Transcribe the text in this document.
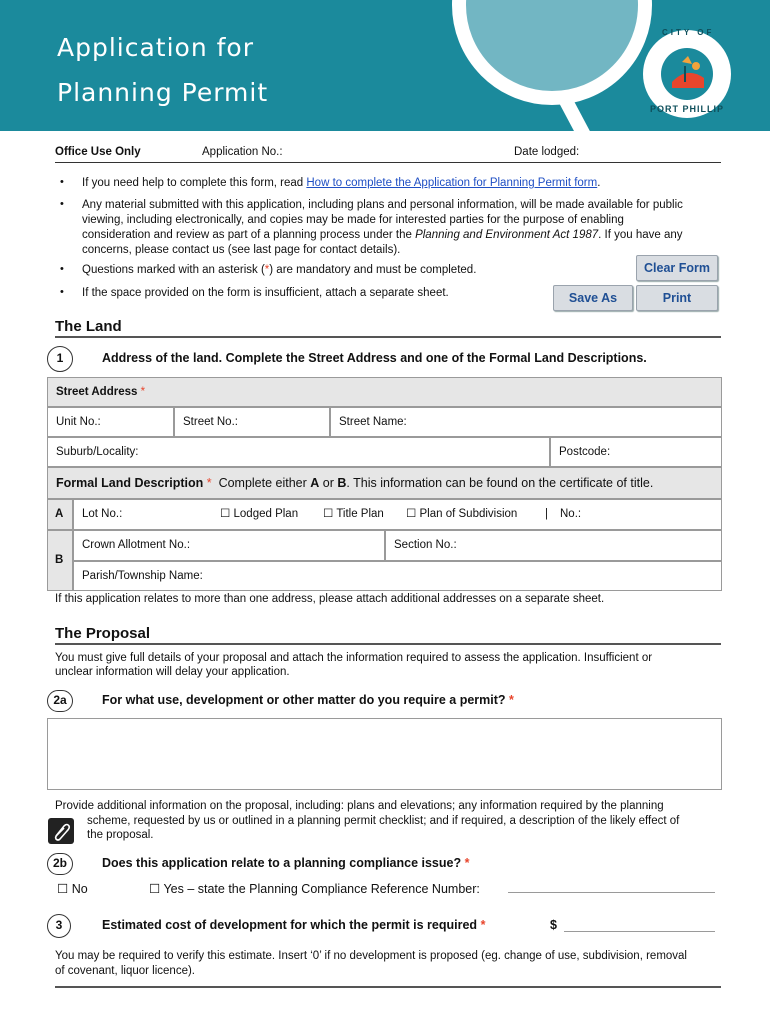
Application for
Planning Permit
CITY OF
PORT PHILLIP
Office Use Only	Application No.:	Date lodged:
• If you need help to complete this form, read How to complete the Application for Planning Permit form.
• Any material submitted with this application, including plans and personal information, will be made available for public
viewing, including electronically, and copies may be made for interested parties for the purpose of enabling
consideration and review as part of a planning process under the Planning and Environment Act 1987. If you have any
concerns, please contact us (see last page for contact details).
• Questions marked with an asterisk (*) are mandatory and must be completed.
• If the space provided on the form is insufficient, attach a separate sheet.
Clear Form
Save As	Print
The Land
1	Address of the land. Complete the Street Address and one of the Formal Land Descriptions.
Street Address *
Unit No.:	Street No.:	Street Name:
Suburb/Locality:	Postcode:
Formal Land Description * Complete either A or B. This information can be found on the certificate of title.
A	Lot No.:	☐ Lodged Plan ☐ Title Plan ☐ Plan of Subdivision | No.:
B
Crown Allotment No.:	Section No.:
Parish/Township Name:
If this application relates to more than one address, please attach additional addresses on a separate sheet.
The Proposal
You must give full details of your proposal and attach the information required to assess the application. Insufficient or
unclear information will delay your application.
2a	For what use, development or other matter do you require a permit? *
Provide additional information on the proposal, including: plans and elevations; any information required by the planning
scheme, requested by us or outlined in a planning permit checklist; and if required, a description of the likely effect of
the proposal.
2b	Does this application relate to a planning compliance issue? *
☐ No	☐ Yes – state the Planning Compliance Reference Number:
3	Estimated cost of development for which the permit is required *	$
You may be required to verify this estimate. Insert ‘0’ if no development is proposed (eg. change of use, subdivision, removal
of covenant, liquor licence).
